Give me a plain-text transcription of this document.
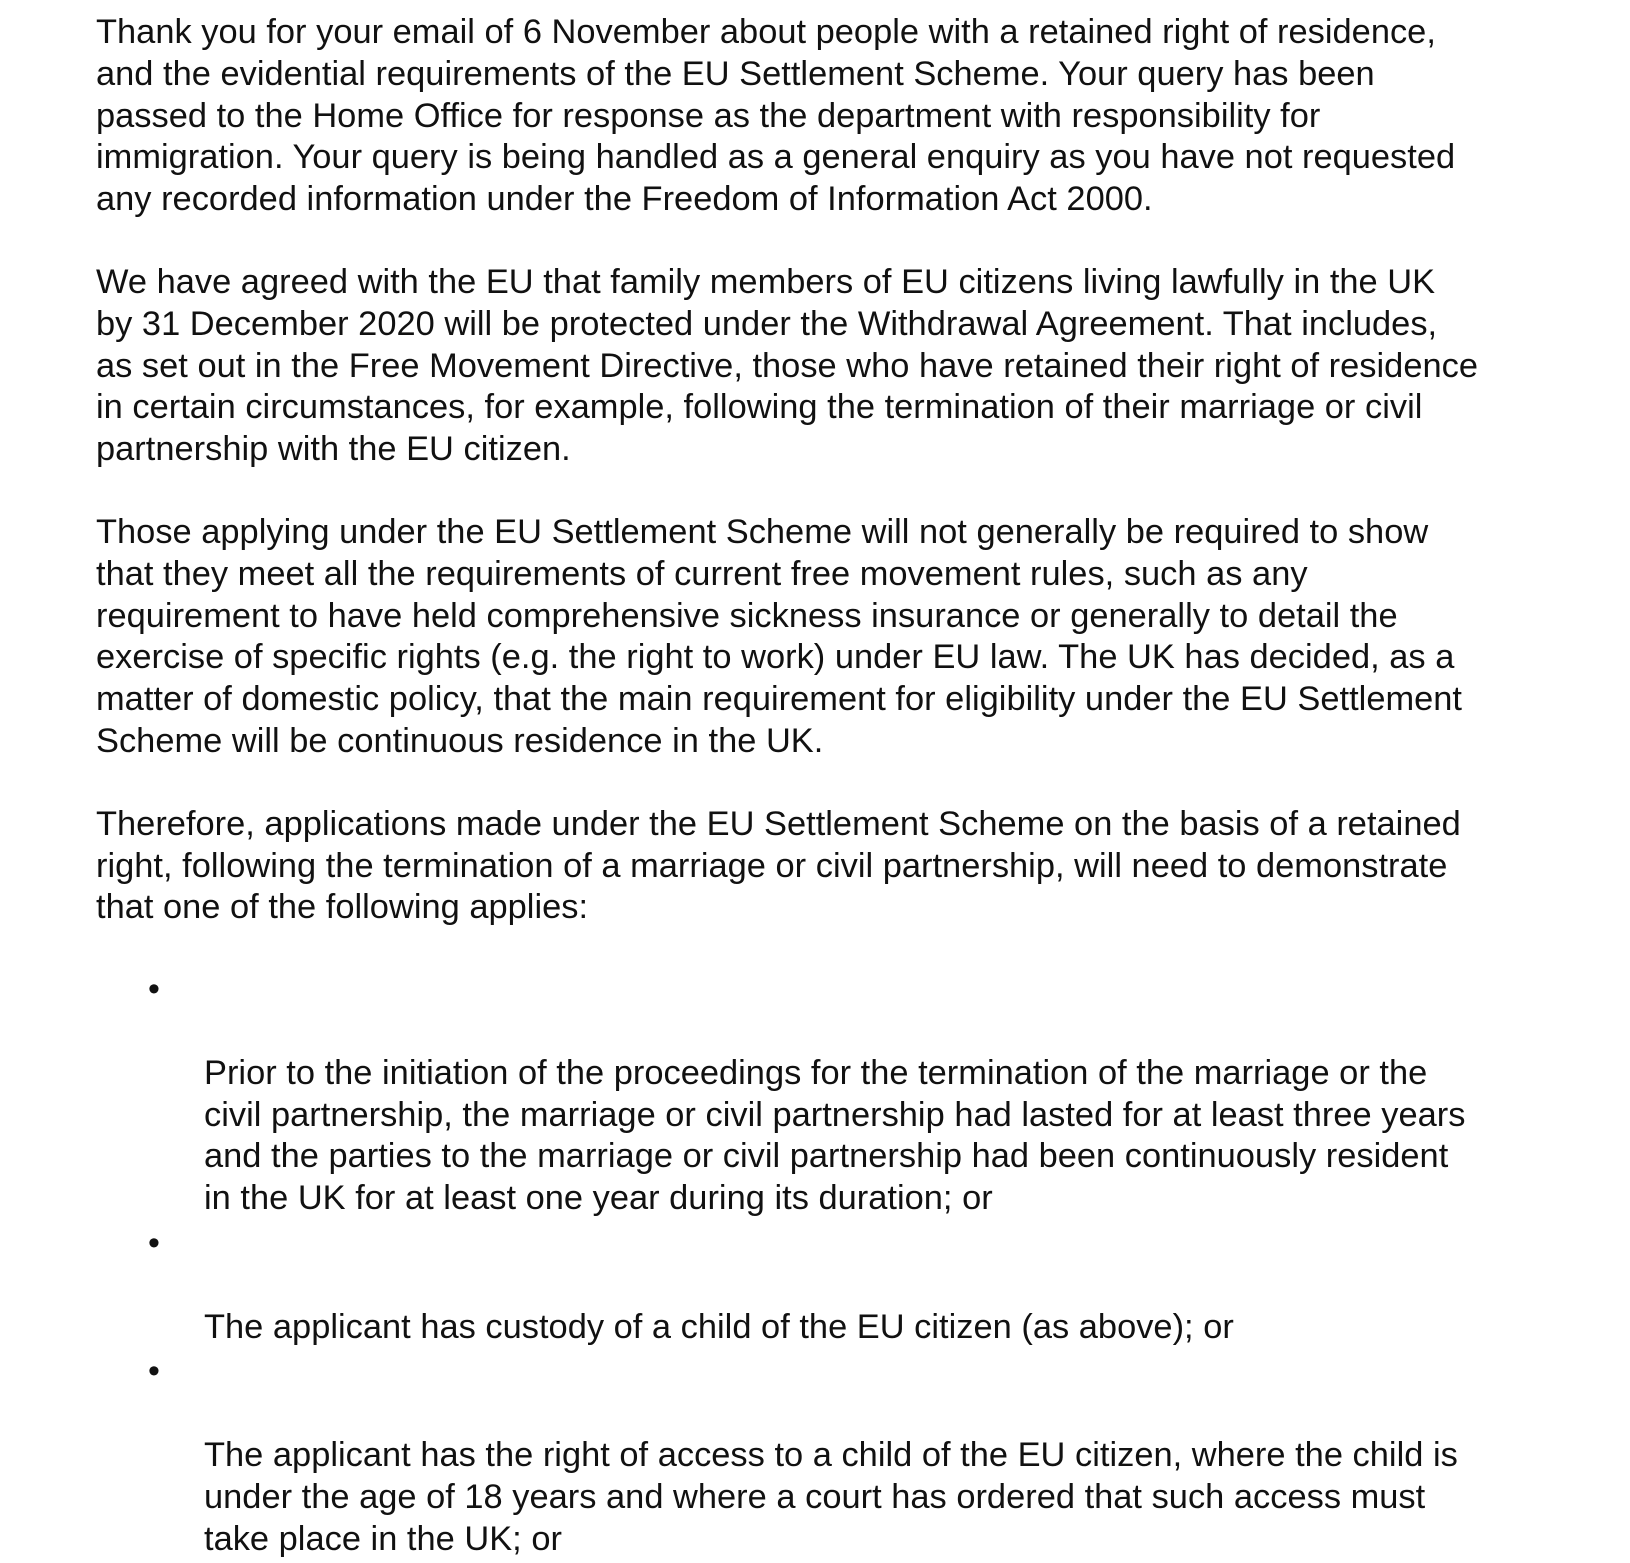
Thank you for your email of 6 November about people with a retained right of residence,
and the evidential requirements of the EU Settlement Scheme. Your query has been
passed to the Home Office for response as the department with responsibility for
immigration. Your query is being handled as a general enquiry as you have not requested
any recorded information under the Freedom of Information Act 2000.

We have agreed with the EU that family members of EU citizens living lawfully in the UK
by 31 December 2020 will be protected under the Withdrawal Agreement. That includes,
as set out in the Free Movement Directive, those who have retained their right of residence
in certain circumstances, for example, following the termination of their marriage or civil
partnership with the EU citizen.

Those applying under the EU Settlement Scheme will not generally be required to show
that they meet all the requirements of current free movement rules, such as any
requirement to have held comprehensive sickness insurance or generally to detail the
exercise of specific rights (e.g. the right to work) under EU law. The UK has decided, as a
matter of domestic policy, that the main requirement for eligibility under the EU Settlement
Scheme will be continuous residence in the UK.

Therefore, applications made under the EU Settlement Scheme on the basis of a retained
right, following the termination of a marriage or civil partnership, will need to demonstrate
that one of the following applies:

•

Prior to the initiation of the proceedings for the termination of the marriage or the
civil partnership, the marriage or civil partnership had lasted for at least three years
and the parties to the marriage or civil partnership had been continuously resident
in the UK for at least one year during its duration; or

•

The applicant has custody of a child of the EU citizen (as above); or

•

The applicant has the right of access to a child of the EU citizen, where the child is
under the age of 18 years and where a court has ordered that such access must
take place in the UK; or
